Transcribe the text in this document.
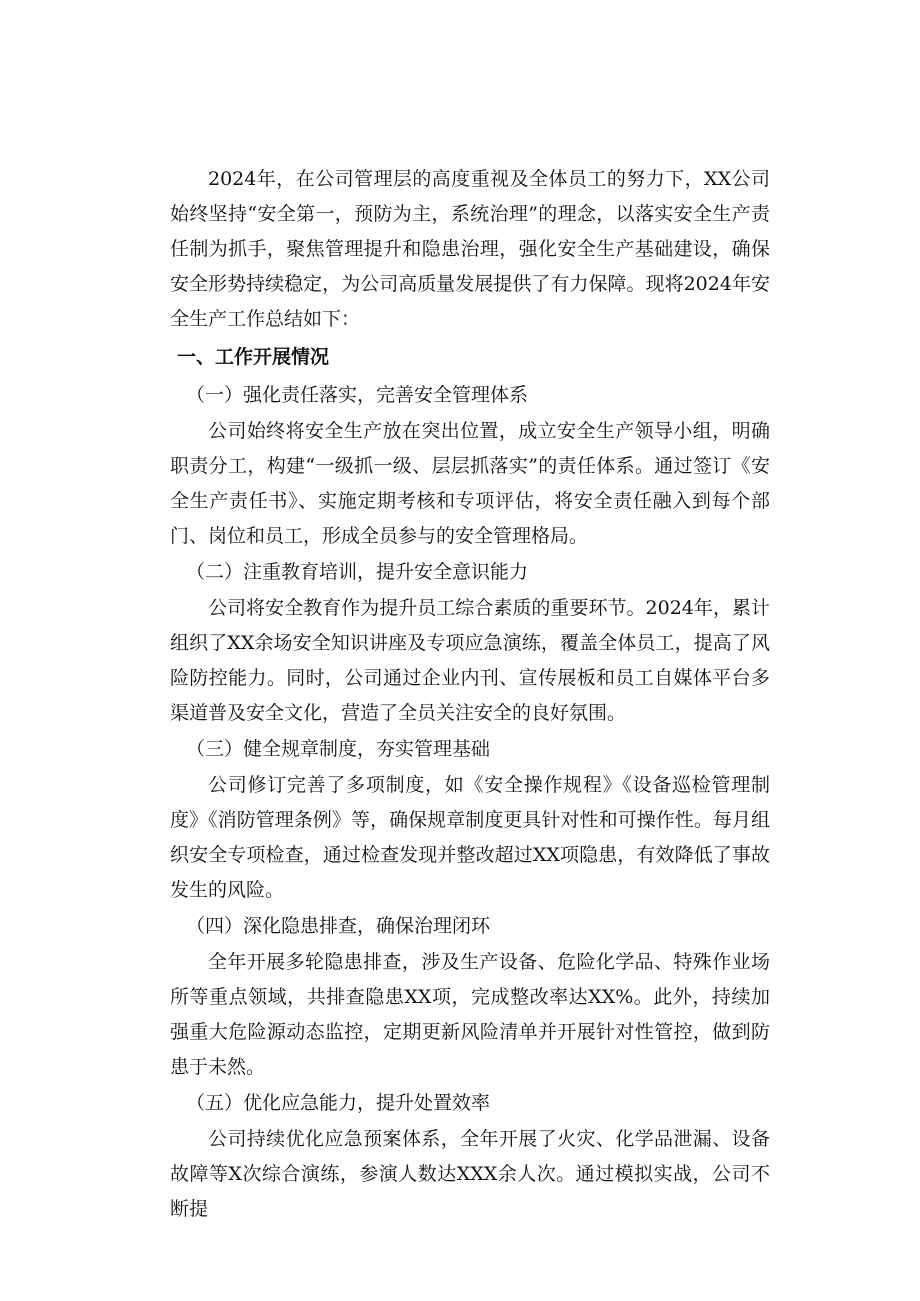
2024年，在公司管理层的高度重视及全体员工的努力下，XX公司始终坚持“安全第一，预防为主，系统治理”的理念，以落实安全生产责任制为抓手，聚焦管理提升和隐患治理，强化安全生产基础建设，确保安全形势持续稳定，为公司高质量发展提供了有力保障。现将2024年安全生产工作总结如下：

一、工作开展情况

（一）强化责任落实，完善安全管理体系

公司始终将安全生产放在突出位置，成立安全生产领导小组，明确职责分工，构建“一级抓一级、层层抓落实”的责任体系。通过签订《安全生产责任书》、实施定期考核和专项评估，将安全责任融入到每个部门、岗位和员工，形成全员参与的安全管理格局。

（二）注重教育培训，提升安全意识能力

公司将安全教育作为提升员工综合素质的重要环节。2024年，累计组织了XX余场安全知识讲座及专项应急演练，覆盖全体员工，提高了风险防控能力。同时，公司通过企业内刊、宣传展板和员工自媒体平台多渠道普及安全文化，营造了全员关注安全的良好氛围。

（三）健全规章制度，夯实管理基础

公司修订完善了多项制度，如《安全操作规程》《设备巡检管理制度》《消防管理条例》等，确保规章制度更具针对性和可操作性。每月组织安全专项检查，通过检查发现并整改超过XX项隐患，有效降低了事故发生的风险。

（四）深化隐患排查，确保治理闭环

全年开展多轮隐患排查，涉及生产设备、危险化学品、特殊作业场所等重点领域，共排查隐患XX项，完成整改率达XX%。此外，持续加强重大危险源动态监控，定期更新风险清单并开展针对性管控，做到防患于未然。

（五）优化应急能力，提升处置效率

公司持续优化应急预案体系，全年开展了火灾、化学品泄漏、设备故障等X次综合演练，参演人数达XXX余人次。通过模拟实战，公司不断提
